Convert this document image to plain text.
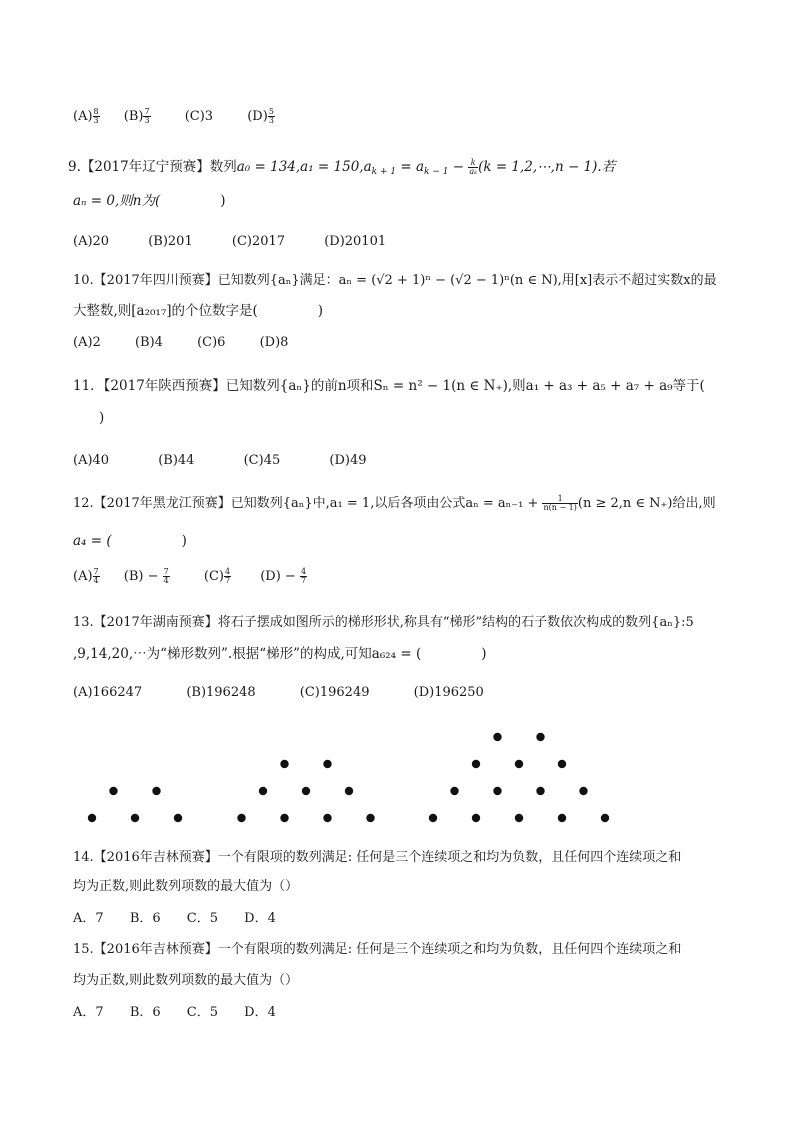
$(A) \frac{8}{3} (B) \frac{7}{3}$	(C)3	$(D) \frac{5}{3}$
9.【2017年辽宁预赛】数列$a_0 = 134,a_1 = 150,a_{k + 1} = a_{k - 1} - \frac{k}{\text{aₖ}} (k$ = 1,2,⋯,n − 1).若
aₙ = 0,则n为(	)
(A)20	(B)201	(C)2017	(D)20101
10.【2017年四川预赛】已知数列{aₙ}满足：aₙ = (√2 + 1)ⁿ − (√2 − 1)ⁿ(n ∈ N),用[x]表示不超过实数x的最
大整数,则[a₂₀₁₇]的个位数字是(	)
(A)2	(B)4	(C)6	(D)8
11．【2017年陕西预赛】已知数列{aₙ}的前n项和Sₙ = n² − 1(n ∈ N₊),则a₁ + a₃ + a₅ + a₇ + a₉等于(
)
(A)40	(B)44	(C)45	(D)49
12.【2017年黑龙江预赛】已知数列{aₙ}中,a₁ = 1,以后各项由公式$a_n = a_{n-1} + \frac{1}{n(n - 1)} (n \ge 2,n$ ∈ N₊)给出,则
a₄ = (	)
$(A) \frac{7}{4} (B) - \frac{7}{4}$	$(C) \frac{4}{7} (D) - \frac{4}{7}$
13.【2017年湖南预赛】将石子摆成如图所示的梯形形状,称具有“梯形”结构的石子数依次构成的数列{aₙ}:5
,9,14,20,⋯为“梯形数列”.根据“梯形”的构成,可知a₆₂₄ = (	)
(A)166247	(B)196248	(C)196249	(D)196250
14.【2016年吉林预赛】一个有限项的数列满足: 任何是三个连续项之和均为负数，且任何四个连续项之和
均为正数,则此数列项数的最大值为（）
A．7 B．6 C．5 D．4
15.【2016年吉林预赛】一个有限项的数列满足: 任何是三个连续项之和均为负数，且任何四个连续项之和
均为正数,则此数列项数的最大值为（）
A．7 B．6 C．5 D．4
